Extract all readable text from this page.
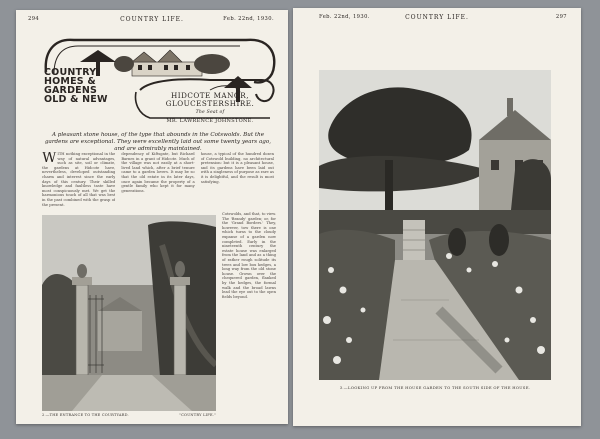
294	COUNTRY LIFE.	Feb. 22nd, 1930.
COUNTRY
HOMES &
GARDENS
OLD & NEW	HIDCOTE MANOR,
GLOUCESTERSHIRE.
The Seat of
MR. LAWRENCE JOHNSTONE.
A pleasant stone house, of the type that abounds in the Cotswolds. But the gardens are exceptional. They were excellently laid out some twenty years ago, and are admirably maintained.
W ITH nothing exceptional in the way of natural advantages, such as site, soil or climate, the gardens at Hidcote have, nevertheless, developed outstanding charm and interest since the early days of this century. Their skilled knowledge and faultless taste have most conspicuously met. We get the harmonious touch of all that was best in the past combined with the grasp of the present.
dependency of Kiftsgate, but Richard Barnes in a grant of Hidcote. Much of the village was not easily at a short-lived land which, after a brief tenure came to a garden lovers. It may be so that the old estate in its later days, once again became the property of a gentle family who kept it for many generations.
house, a typical of the hundred dozen of Cotswold building, no architectural pretension: but it is a pleasant house, and its gardens have been laid out with a singleness of purpose as rare as it is delightful, and the result is most satisfying.
2.—THE ENTRANCE TO THE COURTYARD.	"COUNTRY LIFE."
Cotswolds, and that, to view. The 'Brandy' garden; or, for the 'Grand Borders.' They, however, tow there is one which turns to the cloudy expanse of a garden now completed. Early in the nineteenth century the estate house was enlarged from the land and as a thing of rather rough solitude its trees and low box hedges, a long way from the old stone house. Grown over the chequered garden, flanked by the hedges, the formal walk and the broad lawns lead the eye out to the open fields beyond.
Feb. 22nd, 1930.	COUNTRY LIFE.	297
3.—LOOKING UP FROM THE HOUSE GARDEN TO THE SOUTH SIDE OF THE HOUSE.
